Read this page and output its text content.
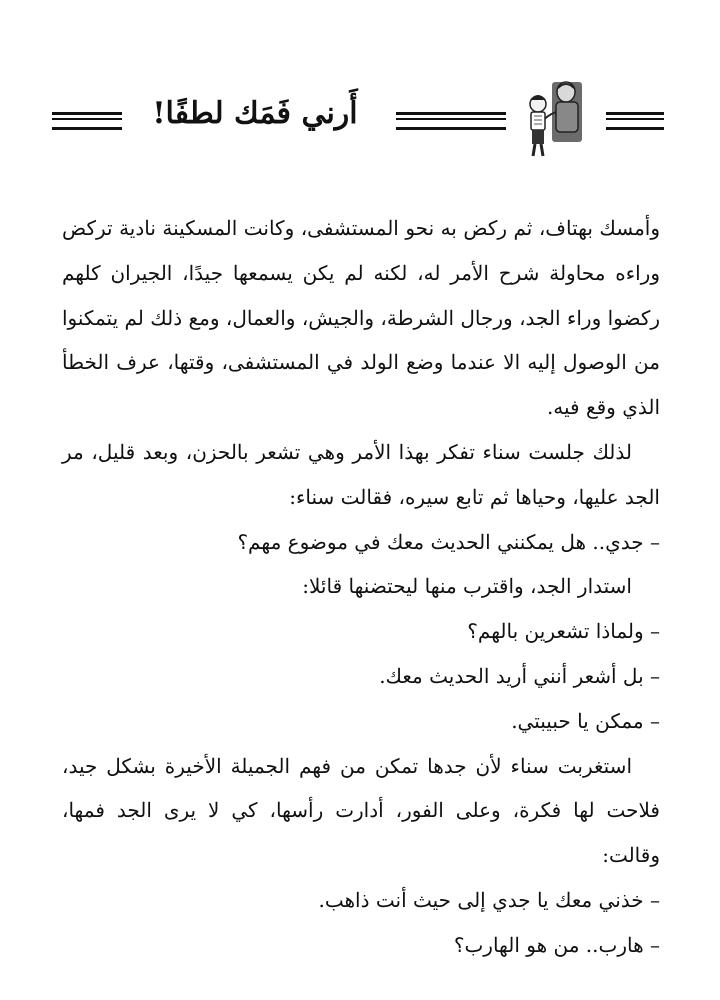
أَرني فَمَك لطفًا!

وأمسك بهتاف، ثم ركض به نحو المستشفى، وكانت المسكينة نادية تركض وراءه محاولة شرح الأمر له، لكنه لم يكن يسمعها جيدًا، الجيران كلهم ركضوا وراء الجد، ورجال الشرطة، والجيش، والعمال، ومع ذلك لم يتمكنوا من الوصول إليه الا عندما وضع الولد في المستشفى، وقتها، عرف الخطأ الذي وقع فيه.

لذلك جلست سناء تفكر بهذا الأمر وهي تشعر بالحزن، وبعد قليل، مر الجد عليها، وحياها ثم تابع سيره، فقالت سناء:

– جدي.. هل يمكنني الحديث معك في موضوع مهم؟

استدار الجد، واقترب منها ليحتضنها قائلا:

– ولماذا تشعرين بالهم؟

– بل أشعر أنني أريد الحديث معك.

– ممكن يا حبيبتي.

استغربت سناء لأن جدها تمكن من فهم الجميلة الأخيرة بشكل جيد، فلاحت لها فكرة، وعلى الفور، أدارت رأسها، كي لا يرى الجد فمها، وقالت:

– خذني معك يا جدي إلى حيث أنت ذاهب.

– هارب.. من هو الهارب؟
